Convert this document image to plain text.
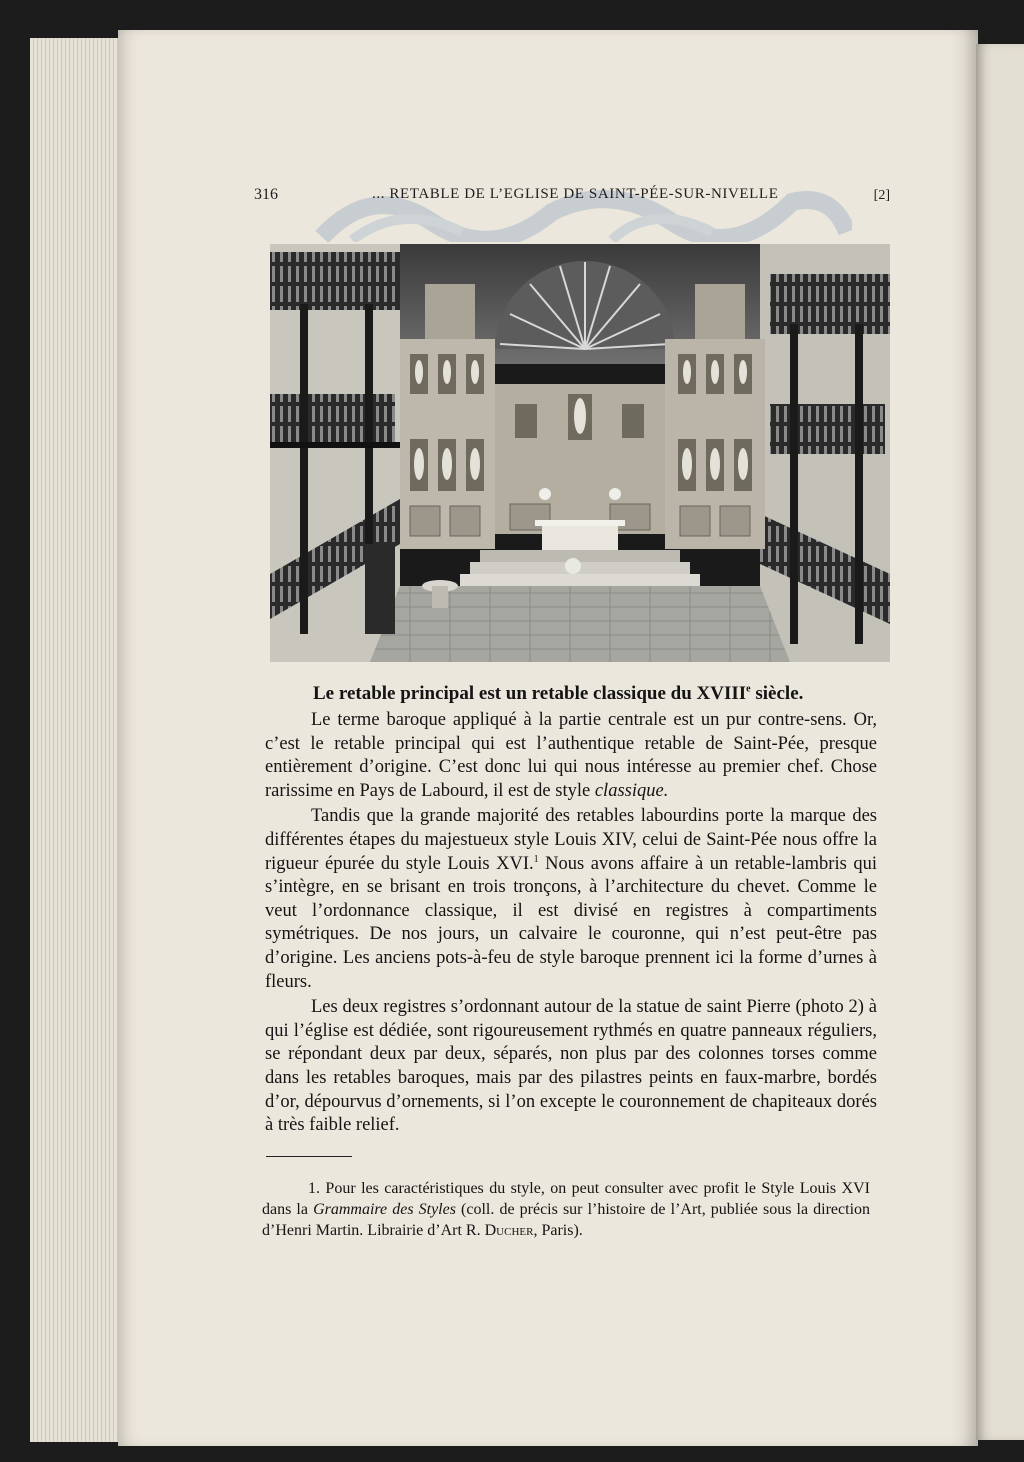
316	... RETABLE DE L’EGLISE DE SAINT-PÉE-SUR-NIVELLE	[2]
Le retable principal est un retable classique du XVIIIe siècle.

Le terme baroque appliqué à la partie centrale est un pur contre-sens. Or, c’est le retable principal qui est l’authentique retable de Saint-Pée, presque entièrement d’origine. C’est donc lui qui nous intéresse au premier chef. Chose rarissime en Pays de Labourd, il est de style classique.

Tandis que la grande majorité des retables labourdins porte la marque des différentes étapes du majestueux style Louis XIV, celui de Saint-Pée nous offre la rigueur épurée du style Louis XVI.$^1$ Nous avons affaire à un retable-lambris qui s’intègre, en se brisant en trois tronçons, à l’architecture du chevet. Comme le veut l’ordonnance classique, il est divisé en registres à compartiments symétriques. De nos jours, un calvaire le couronne, qui n’est peut-être pas d’origine. Les anciens pots-à-feu de style baroque prennent ici la forme d’urnes à fleurs.

Les deux registres s’ordonnant autour de la statue de saint Pierre (photo 2) à qui l’église est dédiée, sont rigoureusement rythmés en quatre panneaux réguliers, se répondant deux par deux, séparés, non plus par des colonnes torses comme dans les retables baroques, mais par des pilastres peints en faux-marbre, bordés d’or, dépourvus d’ornements, si l’on excepte le couronnement de chapiteaux dorés à très faible relief.

1. Pour les caractéristiques du style, on peut consulter avec profit le Style Louis XVI dans la Grammaire des Styles (coll. de précis sur l’histoire de l’Art, publiée sous la direction d’Henri Martin. Librairie d’Art R. Ducher, Paris).
